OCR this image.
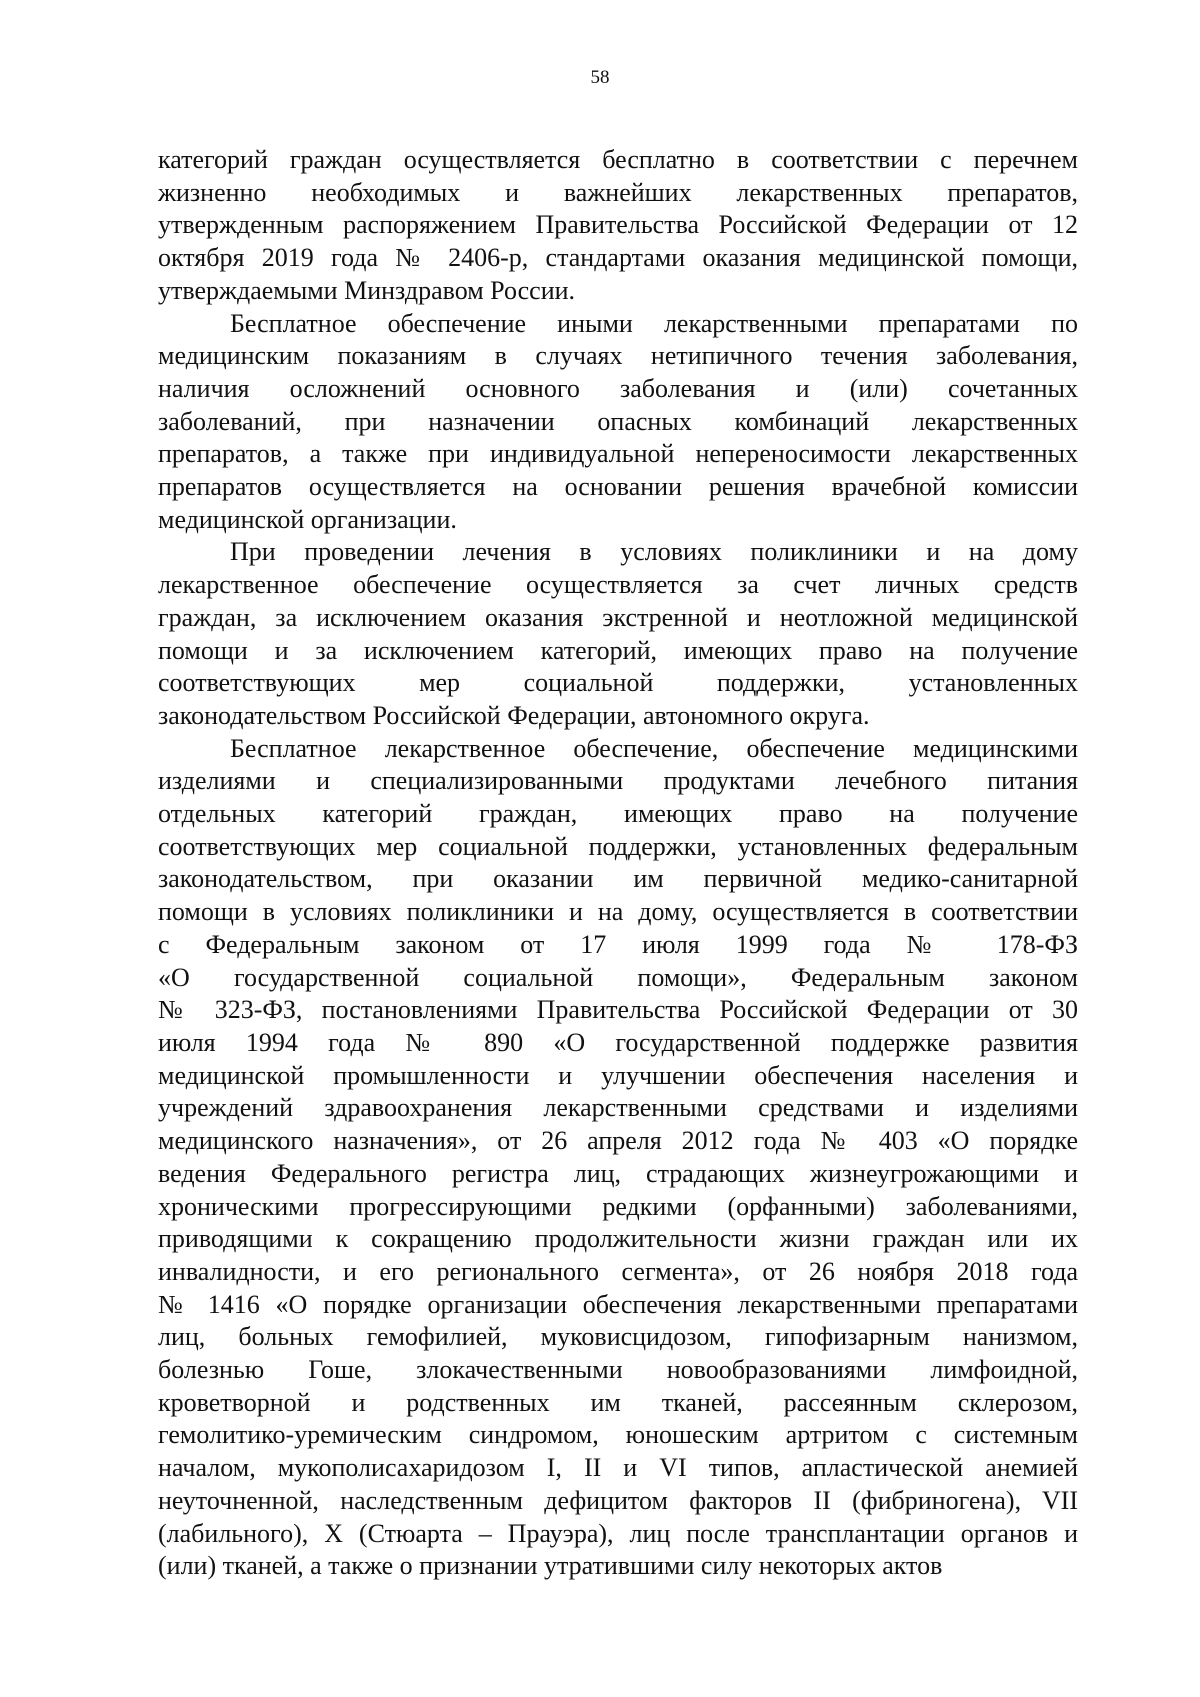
58
категорий граждан осуществляется бесплатно в соответствии с перечнем
жизненно необходимых и важнейших лекарственных препаратов,
утвержденным распоряжением Правительства Российской Федерации от 12
октября 2019 года № 2406-р, стандартами оказания медицинской помощи,
утверждаемыми Минздравом России.
Бесплатное обеспечение иными лекарственными препаратами по
медицинским показаниям в случаях нетипичного течения заболевания,
наличия осложнений основного заболевания и (или) сочетанных
заболеваний, при назначении опасных комбинаций лекарственных
препаратов, а также при индивидуальной непереносимости лекарственных
препаратов осуществляется на основании решения врачебной комиссии
медицинской организации.
При проведении лечения в условиях поликлиники и на дому
лекарственное обеспечение осуществляется за счет личных средств
граждан, за исключением оказания экстренной и неотложной медицинской
помощи и за исключением категорий, имеющих право на получение
соответствующих мер социальной поддержки, установленных
законодательством Российской Федерации, автономного округа.
Бесплатное лекарственное обеспечение, обеспечение медицинскими
изделиями и специализированными продуктами лечебного питания
отдельных категорий граждан, имеющих право на получение
соответствующих мер социальной поддержки, установленных федеральным
законодательством, при оказании им первичной медико-санитарной
помощи в условиях поликлиники и на дому, осуществляется в соответствии
с Федеральным законом от 17 июля 1999 года № 178-ФЗ
«О государственной социальной помощи», Федеральным законом
№ 323-ФЗ, постановлениями Правительства Российской Федерации от 30
июля 1994 года № 890 «О государственной поддержке развития
медицинской промышленности и улучшении обеспечения населения и
учреждений здравоохранения лекарственными средствами и изделиями
медицинского назначения», от 26 апреля 2012 года № 403 «О порядке
ведения Федерального регистра лиц, страдающих жизнеугрожающими и
хроническими прогрессирующими редкими (орфанными) заболеваниями,
приводящими к сокращению продолжительности жизни граждан или их
инвалидности, и его регионального сегмента», от 26 ноября 2018 года
№ 1416 «О порядке организации обеспечения лекарственными препаратами
лиц, больных гемофилией, муковисцидозом, гипофизарным нанизмом,
болезнью Гоше, злокачественными новообразованиями лимфоидной,
кроветворной и родственных им тканей, рассеянным склерозом,
гемолитико-уремическим синдромом, юношеским артритом с системным
началом, мукополисахаридозом I, II и VI типов, апластической анемией
неуточненной, наследственным дефицитом факторов II (фибриногена), VII
(лабильного), X (Стюарта – Прауэра), лиц после трансплантации органов и
(или) тканей, а также о признании утратившими силу некоторых актов
